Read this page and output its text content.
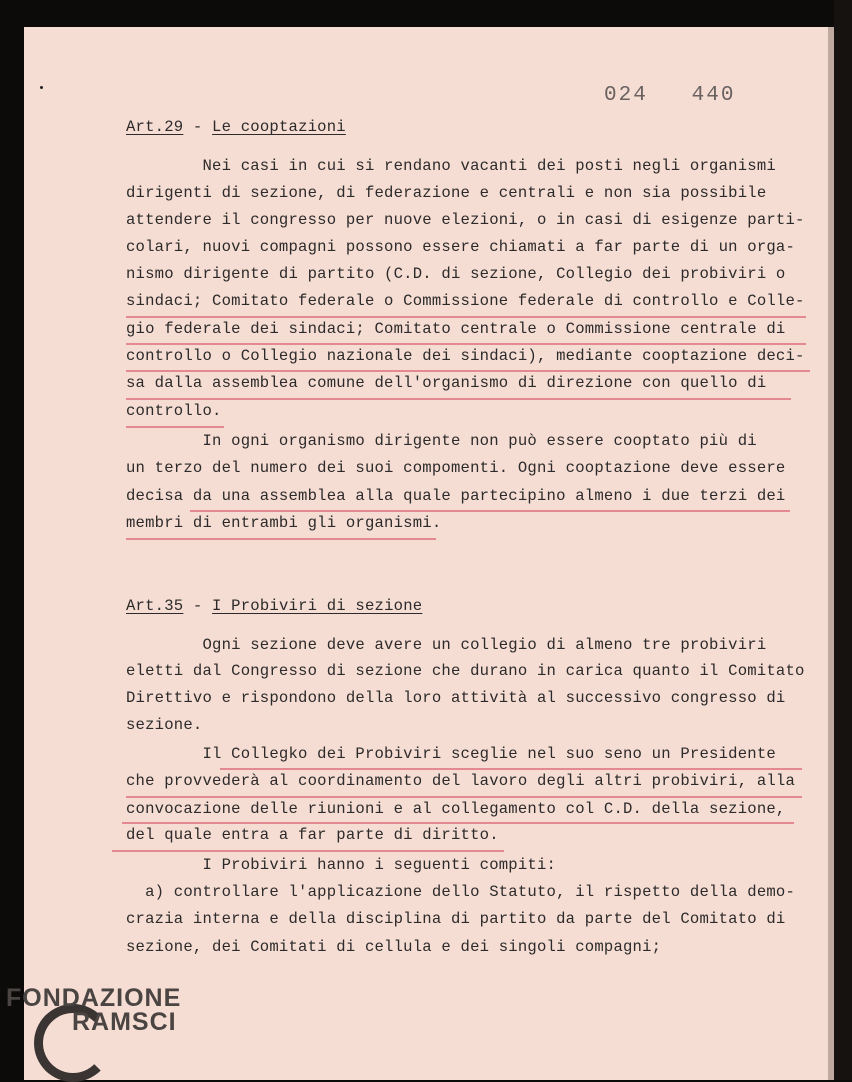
024   440
Art.29 - Le cooptazioni
Nei casi in cui si rendano vacanti dei posti negli organismi
dirigenti di sezione, di federazione e centrali e non sia possibile
attendere il congresso per nuove elezioni, o in casi di esigenze parti-
colari, nuovi compagni possono essere chiamati a far parte di un orga-
nismo dirigente di partito (C.D. di sezione, Collegio dei probiviri o
sindaci; Comitato federale o Commissione federale di controllo e Colle-
gio federale dei sindaci; Comitato centrale o Commissione centrale di
controllo o Collegio nazionale dei sindaci), mediante cooptazione deci-
sa dalla assemblea comune dell'organismo di direzione con quello di
controllo.
In ogni organismo dirigente non può essere cooptato più di
un terzo del numero dei suoi compomenti. Ogni cooptazione deve essere
decisa da una assemblea alla quale partecipino almeno i due terzi dei
membri di entrambi gli organismi.
Art.35 - I Probiviri di sezione
Ogni sezione deve avere un collegio di almeno tre probiviri
eletti dal Congresso di sezione che durano in carica quanto il Comitato
Direttivo e rispondono della loro attività al successivo congresso di
sezione.
Il Collegko dei Probiviri sceglie nel suo seno un Presidente
che provvederà al coordinamento del lavoro degli altri probiviri, alla
convocazione delle riunioni e al collegamento col C.D. della sezione,
del quale entra a far parte di diritto.
I Probiviri hanno i seguenti compiti:
a) controllare l'applicazione dello Statuto, il rispetto della demo-
crazia interna e della disciplina di partito da parte del Comitato di
sezione, dei Comitati di cellula e dei singoli compagni;
FONDAZIONE
RAMSCI
